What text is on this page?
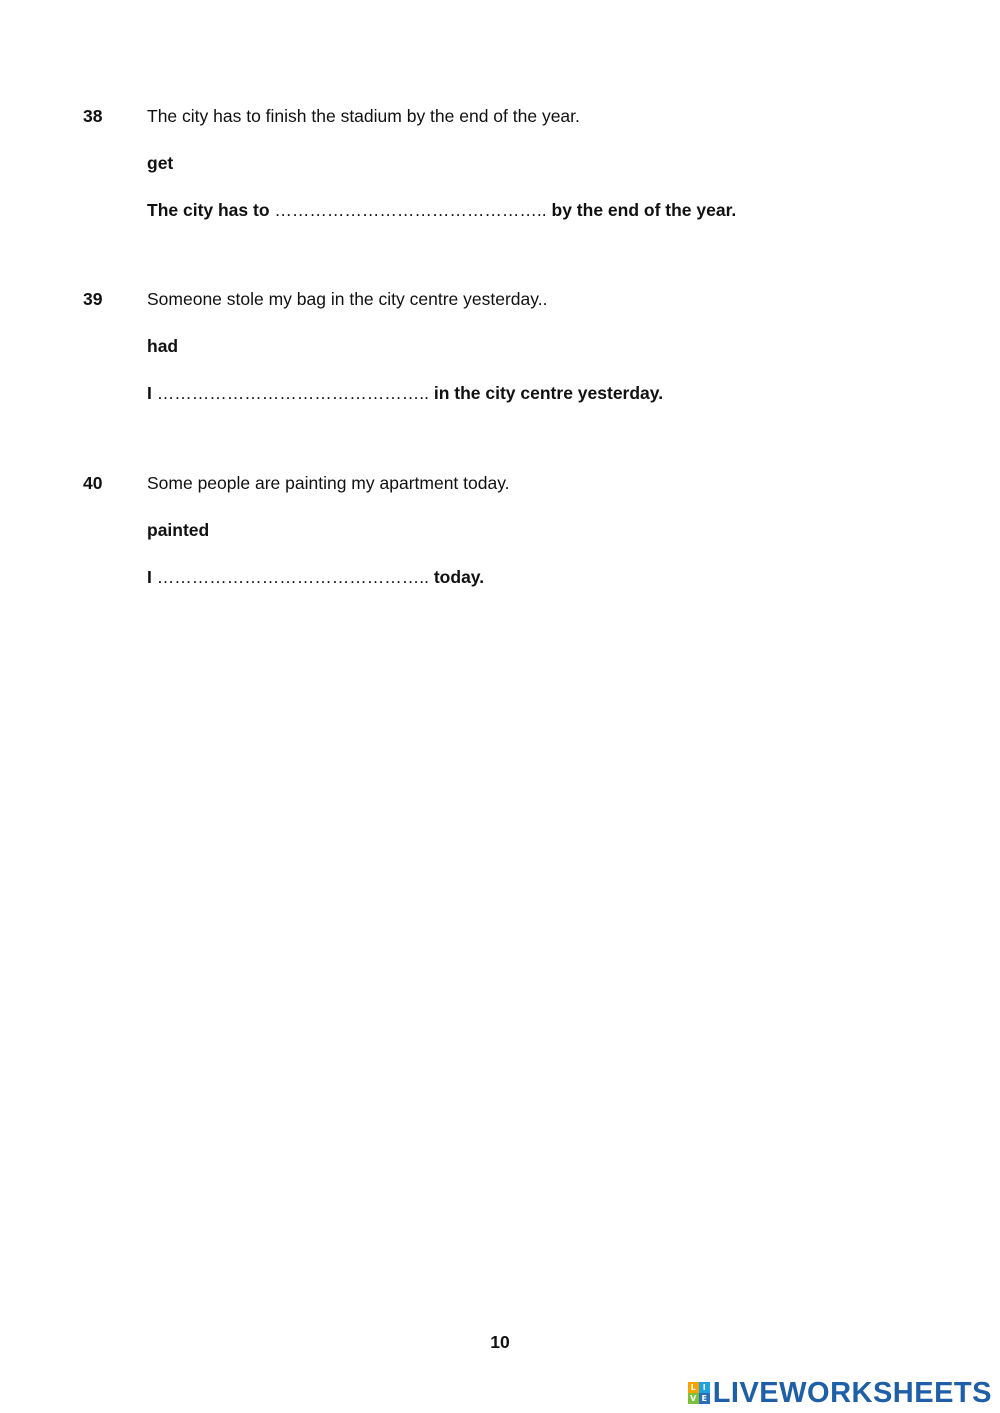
38	The city has to finish the stadium by the end of the year.
get
The city has to ……………………………………….. by the end of the year.
39	Someone stole my bag in the city centre yesterday..
had
I ……………………………………….. in the city centre yesterday.
40	Some people are painting my apartment today.
painted
I ……………………………………….. today.
10
L I
V E LIVEWORKSHEETS
